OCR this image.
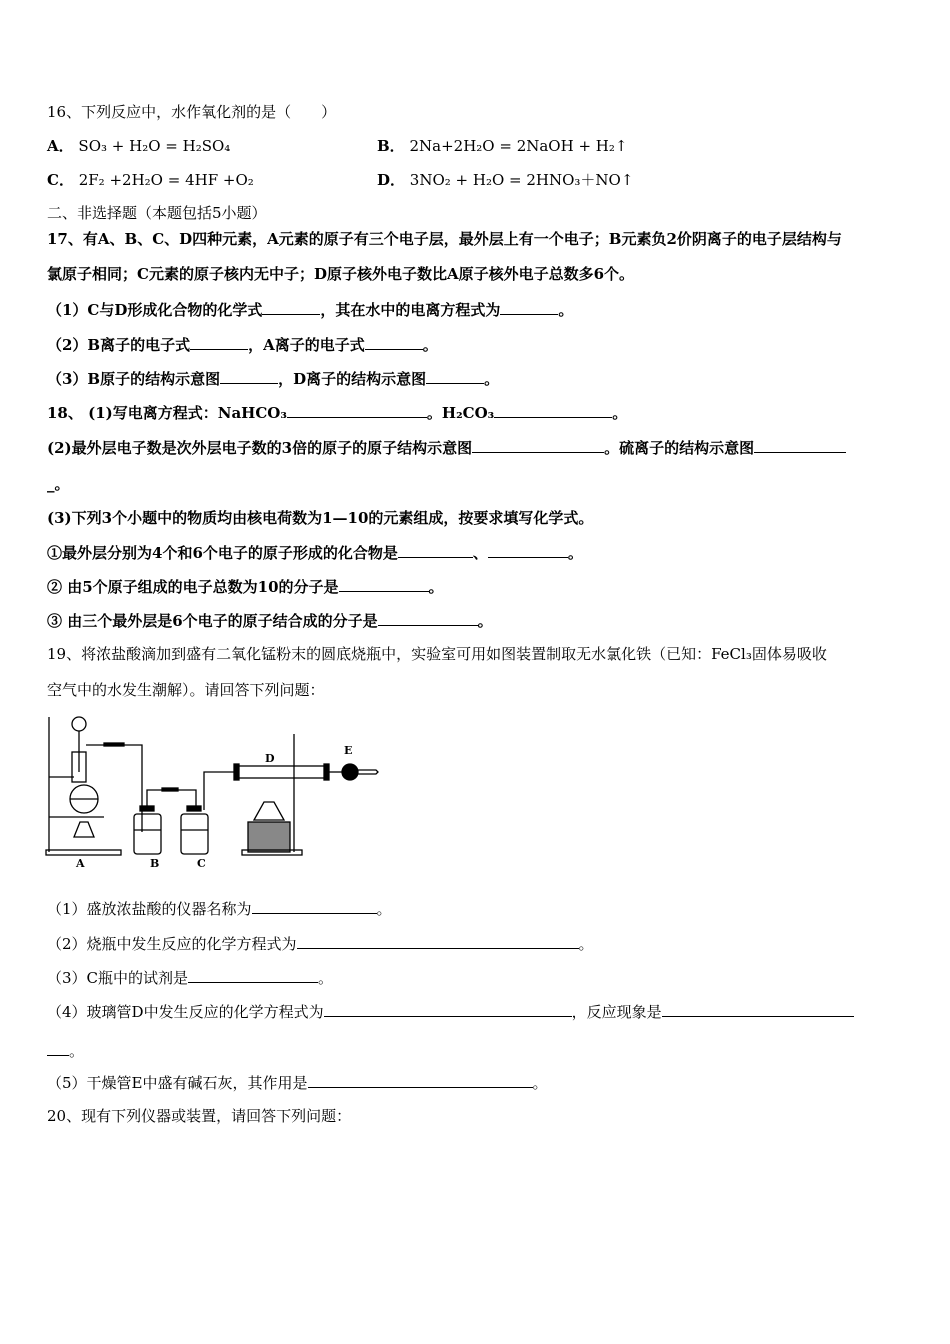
16、下列反应中，水作氧化剂的是（　　）
A． SO₃ + H₂O = H₂SO₄	B． 2Na+2H₂O = 2NaOH + H₂↑
C． 2F₂ +2H₂O = 4HF +O₂	D． 3NO₂ + H₂O = 2HNO₃＋NO↑
二、非选择题（本题包括5小题）
17、有A、B、C、D四种元素，A元素的原子有三个电子层，最外层上有一个电子；B元素负2价阴离子的电子层结构与
氯原子相同；C元素的原子核内无中子；D原子核外电子数比A原子核外电子总数多6个。
（1）C与D形成化合物的化学式	，其在水中的电离方程式为	。
（2）B离子的电子式	，A离子的电子式	。
（3）B原子的结构示意图	，D离子的结构示意图	。
18、 (1)写电离方程式：NaHCO₃	。H₂CO₃	。
(2)最外层电子数是次外层电子数的3倍的原子的原子结构示意图	。硫离子的结构示意图
_。
(3)下列3个小题中的物质均由核电荷数为1—10的元素组成，按要求填写化学式。
①最外层分别为4个和6个电子的原子形成的化合物是	、	。
② 由5个原子组成的电子总数为10的分子是	。
③ 由三个最外层是6个电子的原子结合成的分子是	。
19、将浓盐酸滴加到盛有二氧化锰粉末的圆底烧瓶中，实验室可用如图装置制取无水氯化铁（已知：FeCl₃固体易吸收
空气中的水发生潮解）。请回答下列问题：
A	B	C
D
E
（1）盛放浓盐酸的仪器名称为	。
（2）烧瓶中发生反应的化学方程式为	。
（3）C瓶中的试剂是	。
（4）玻璃管D中发生反应的化学方程式为	，反应现象是
。
（5）干燥管E中盛有碱石灰，其作用是	。
20、现有下列仪器或装置，请回答下列问题：
